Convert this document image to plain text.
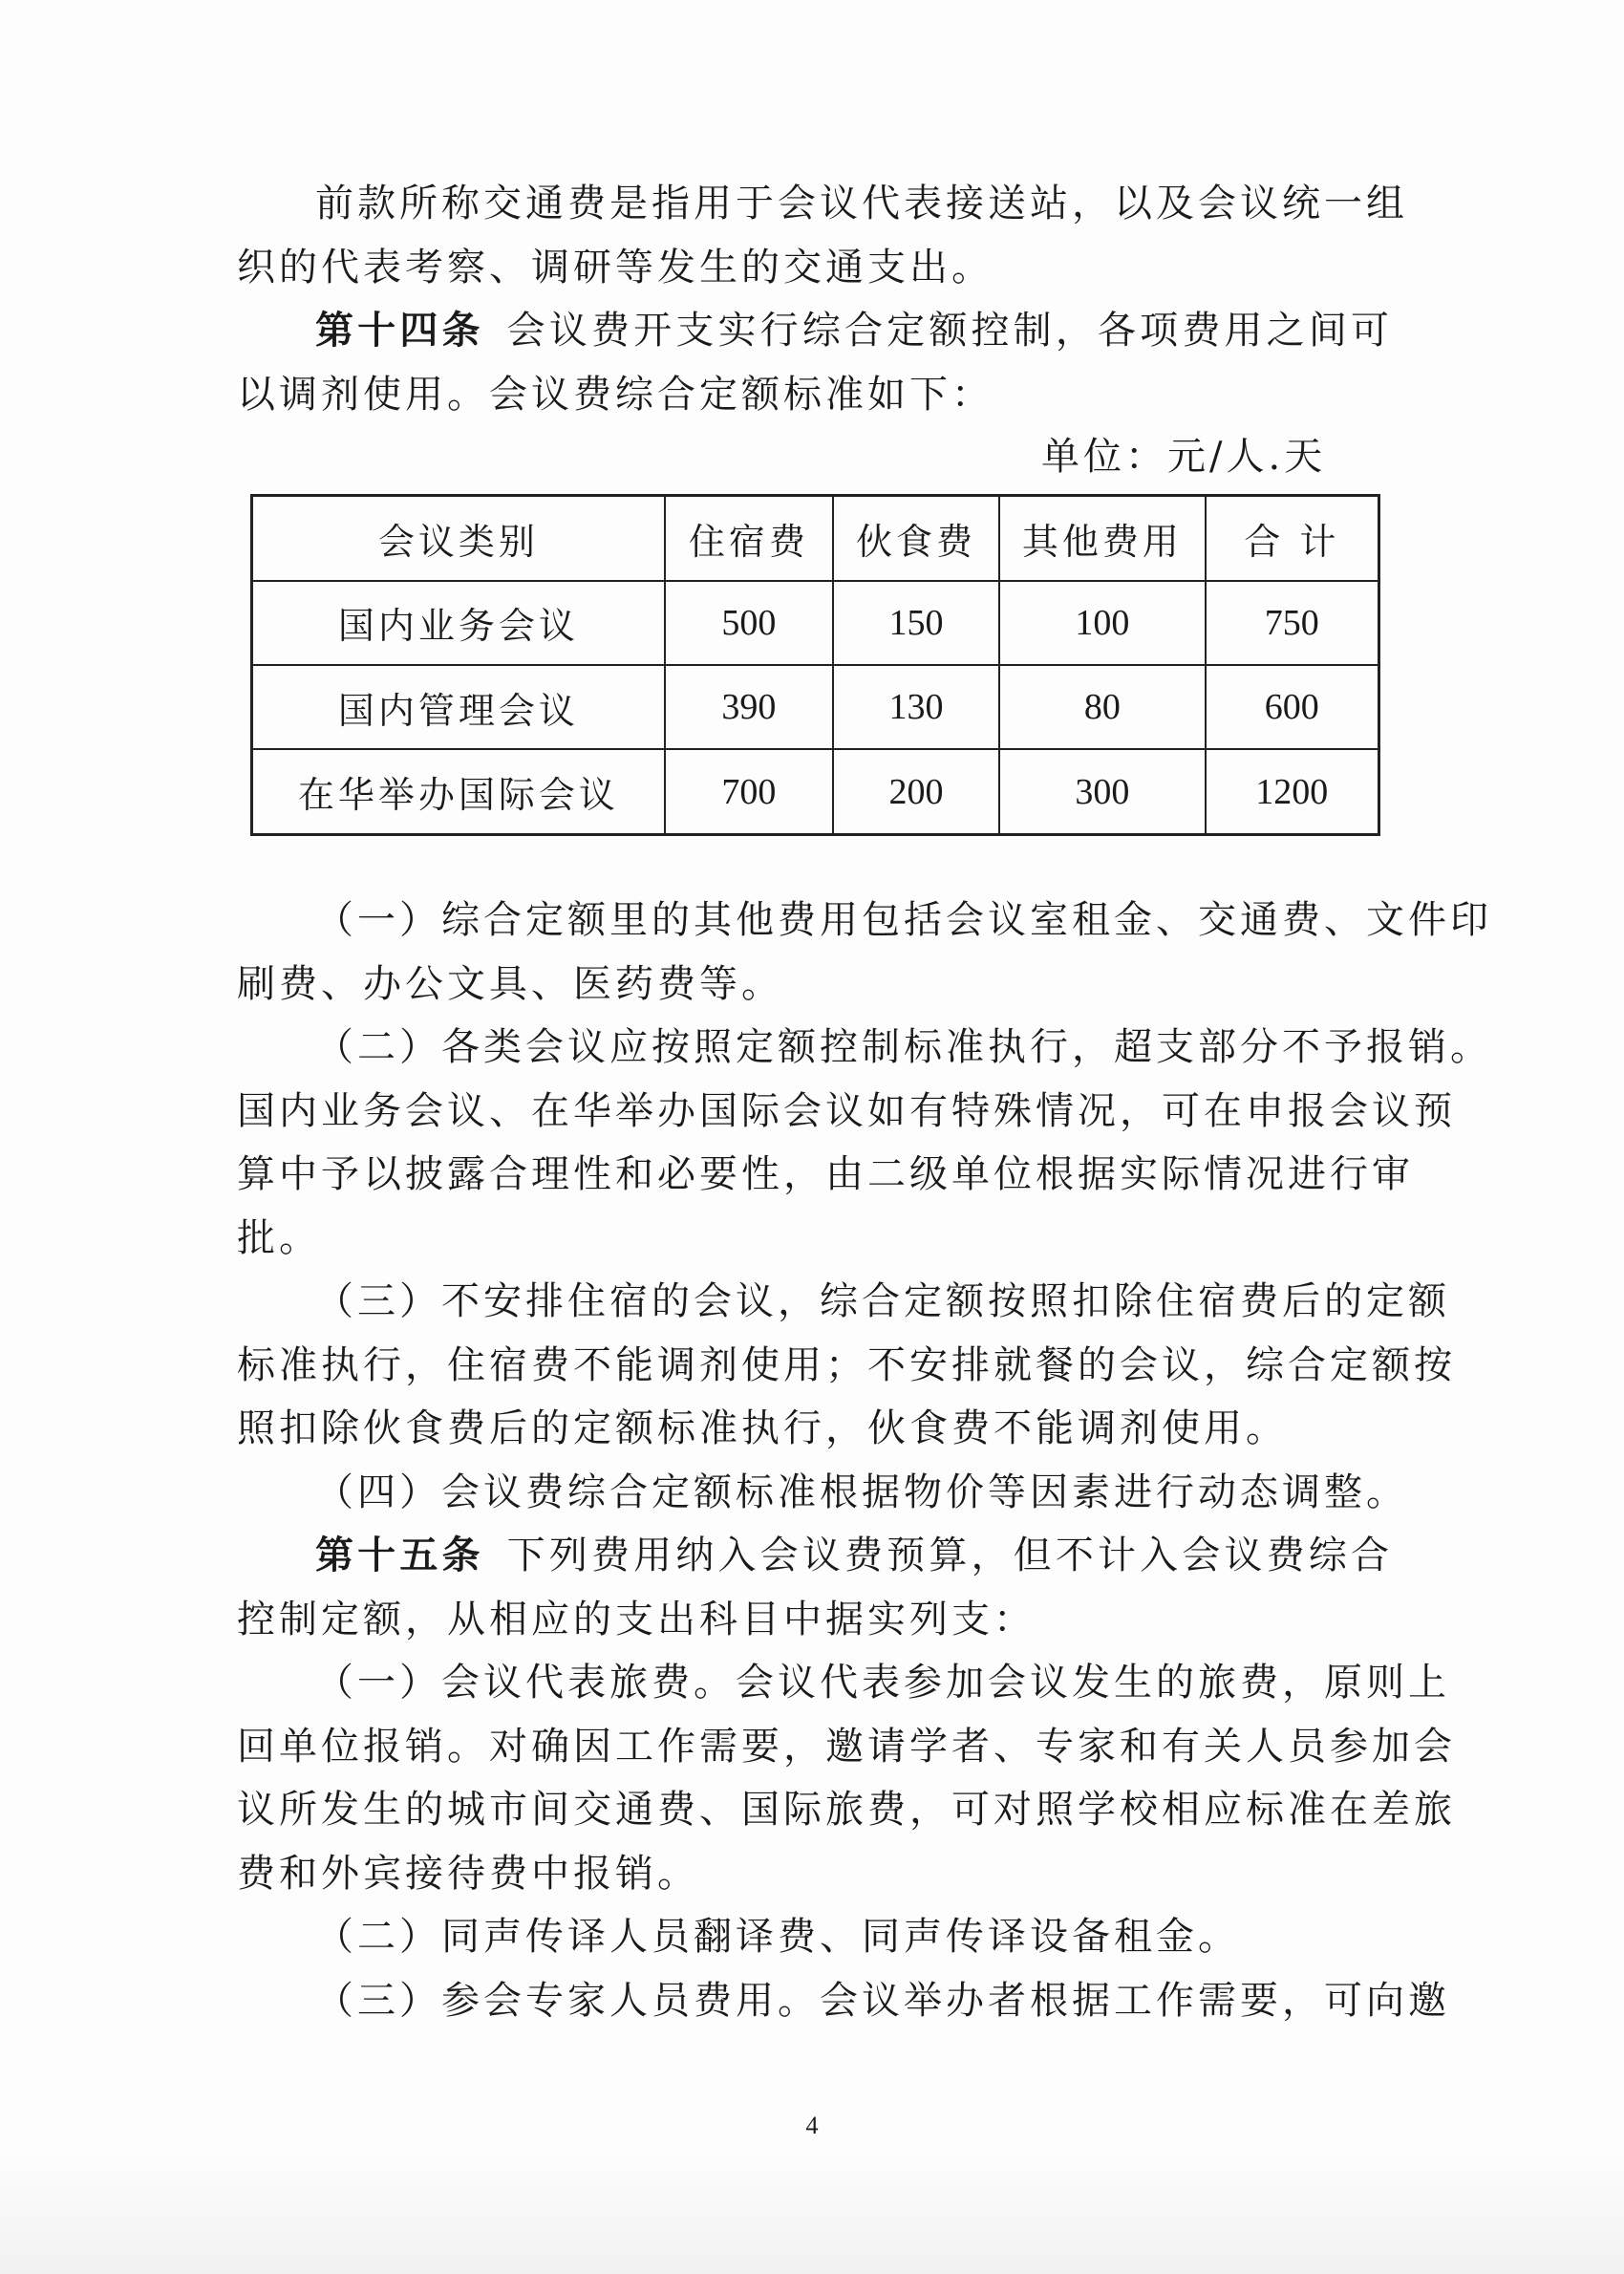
前款所称交通费是指用于会议代表接送站，以及会议统一组
织的代表考察、调研等发生的交通支出。
第十四条 会议费开支实行综合定额控制，各项费用之间可
以调剂使用。会议费综合定额标准如下：
单位：元/人.天
会议类别	住宿费	伙食费	其他费用	合 计
国内业务会议	500	150	100	750
国内管理会议	390	130	80	600
在华举办国际会议	700	200	300	1200
（一）综合定额里的其他费用包括会议室租金、交通费、文件印
刷费、办公文具、医药费等。
（二）各类会议应按照定额控制标准执行，超支部分不予报销。
国内业务会议、在华举办国际会议如有特殊情况，可在申报会议预
算中予以披露合理性和必要性，由二级单位根据实际情况进行审
批。
（三）不安排住宿的会议，综合定额按照扣除住宿费后的定额
标准执行，住宿费不能调剂使用；不安排就餐的会议，综合定额按
照扣除伙食费后的定额标准执行，伙食费不能调剂使用。
（四）会议费综合定额标准根据物价等因素进行动态调整。
第十五条 下列费用纳入会议费预算，但不计入会议费综合
控制定额，从相应的支出科目中据实列支：
（一）会议代表旅费。会议代表参加会议发生的旅费，原则上
回单位报销。对确因工作需要，邀请学者、专家和有关人员参加会
议所发生的城市间交通费、国际旅费，可对照学校相应标准在差旅
费和外宾接待费中报销。
（二）同声传译人员翻译费、同声传译设备租金。
（三）参会专家人员费用。会议举办者根据工作需要，可向邀
4
